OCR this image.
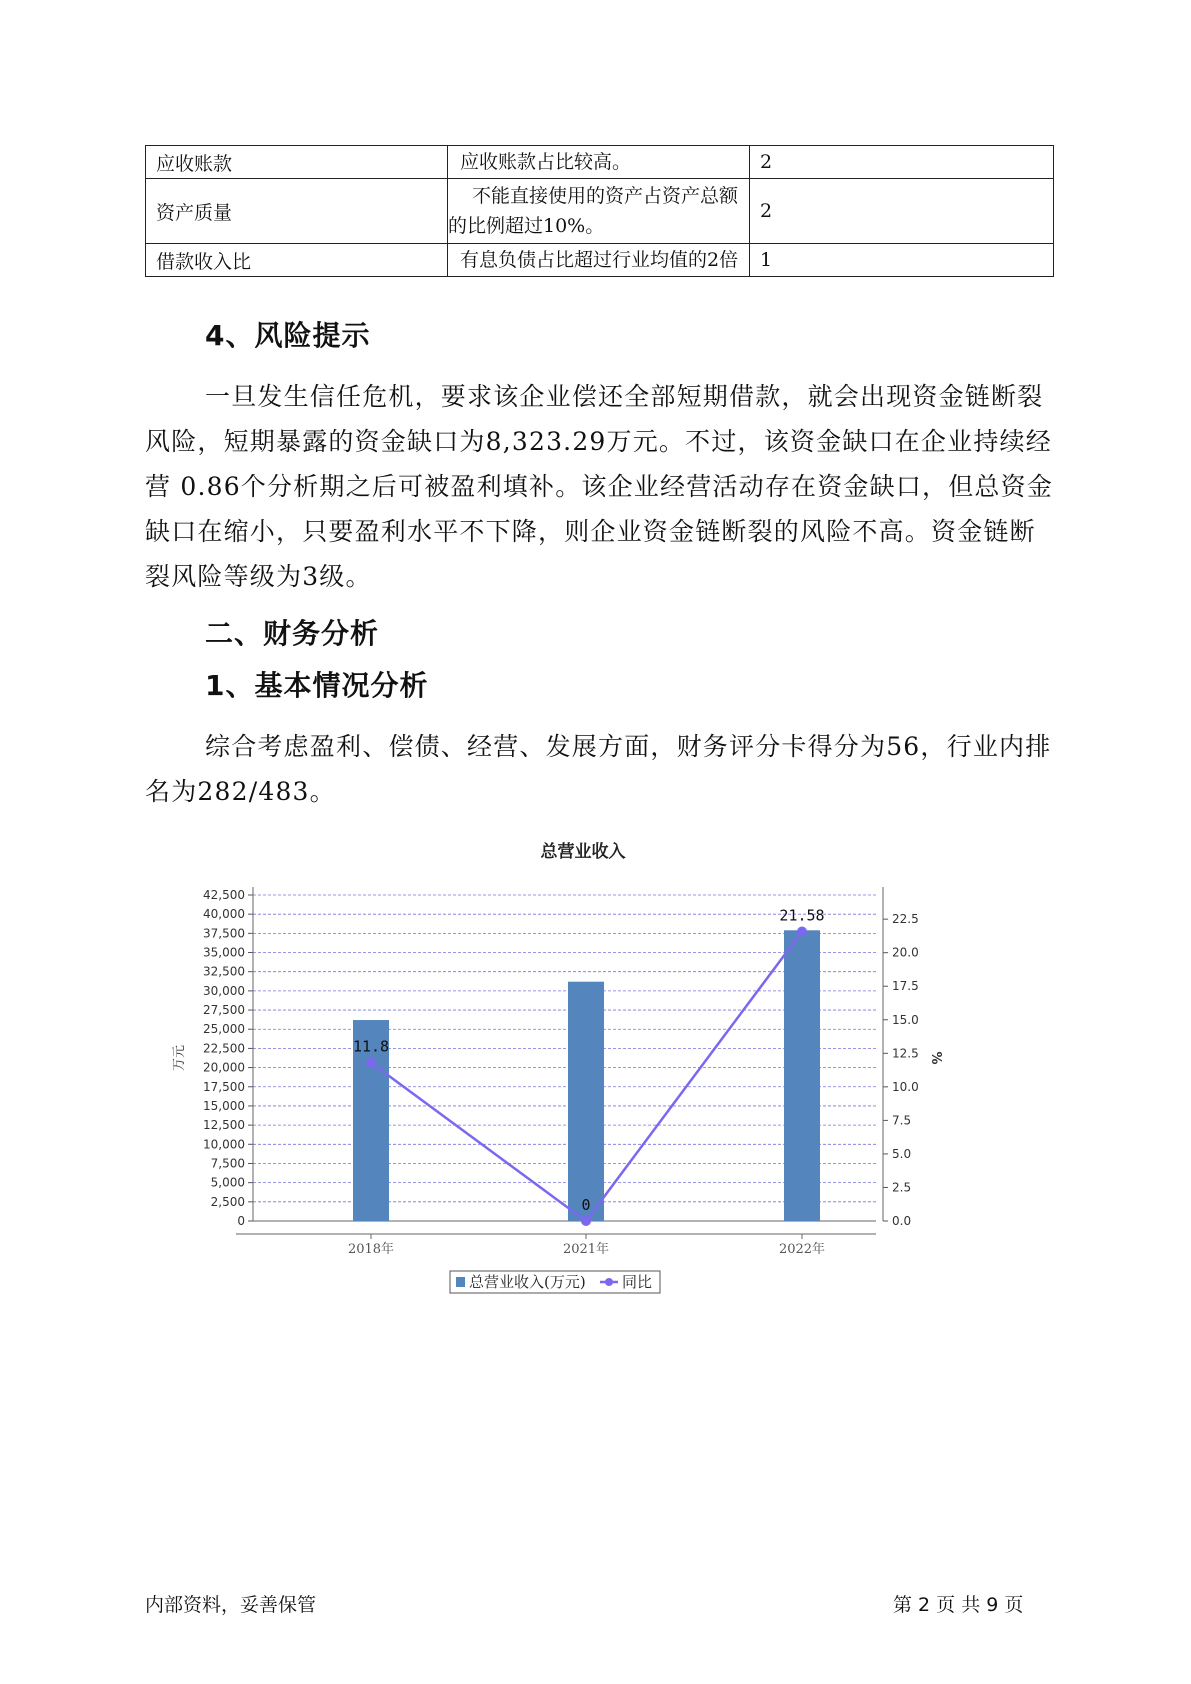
应收账款	应收账款占比较高。	2
资产质量	不能直接使用的资产占资产总额
的比例超过10%。	2
借款收入比	有息负债占比超过行业均值的2倍	1
4、风险提示

一旦发生信任危机，要求该企业偿还全部短期借款，就会出现资金链断裂风险，短期暴露的资金缺口为8,323.29万元。不过，该资金缺口在企业持续经营 0.86个分析期之后可被盈利填补。该企业经营活动存在资金缺口，但总资金缺口在缩小，只要盈利水平不下降，则企业资金链断裂的风险不高。资金链断裂风险等级为3级。

二、财务分析
1、基本情况分析

综合考虑盈利、偿债、经营、发展方面，财务评分卡得分为56，行业内排名为282/483。

总营业收入
0
2,500
5,000
7,500
10,000
12,500
15,000
17,500
20,000
22,500
25,000
27,500
30,000
32,500
35,000
37,500
40,000
42,500
0.0
2.5
5.0
7.5
10.0
12.5
15.0
17.5
20.0
22.5
万元	%
2018年	2021年	2022年
11.8
0
21.58
总营业收入(万元) 同比

内部资料，妥善保管	第 2 页 共 9 页
